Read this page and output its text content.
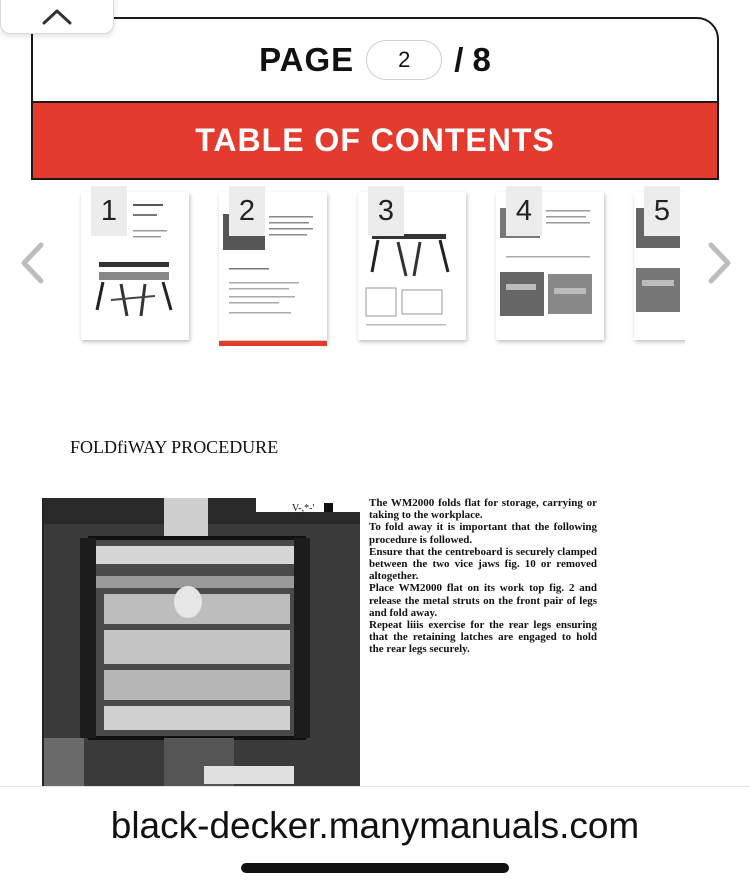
PAGE
2	/ 8
TABLE OF CONTENTS
1	2	3	4	5
FOLDfiWAY PROCEDURE
V-,*-'	The WM2000 folds flat for storage, carrying or taking to the workplace.

To fold away it is important that the following procedure is followed.

Ensure that the centreboard is securely clamped between the two vice jaws fig. 10 or removed altogether.

Place WM2000 flat on its work top fig. 2 and release the metal struts on the front pair of legs and fold away.

Repeat liiis exercise for the rear legs ensuring that the retaining latches are engaged to hold the rear legs securely.

black-decker.manymanuals.com
